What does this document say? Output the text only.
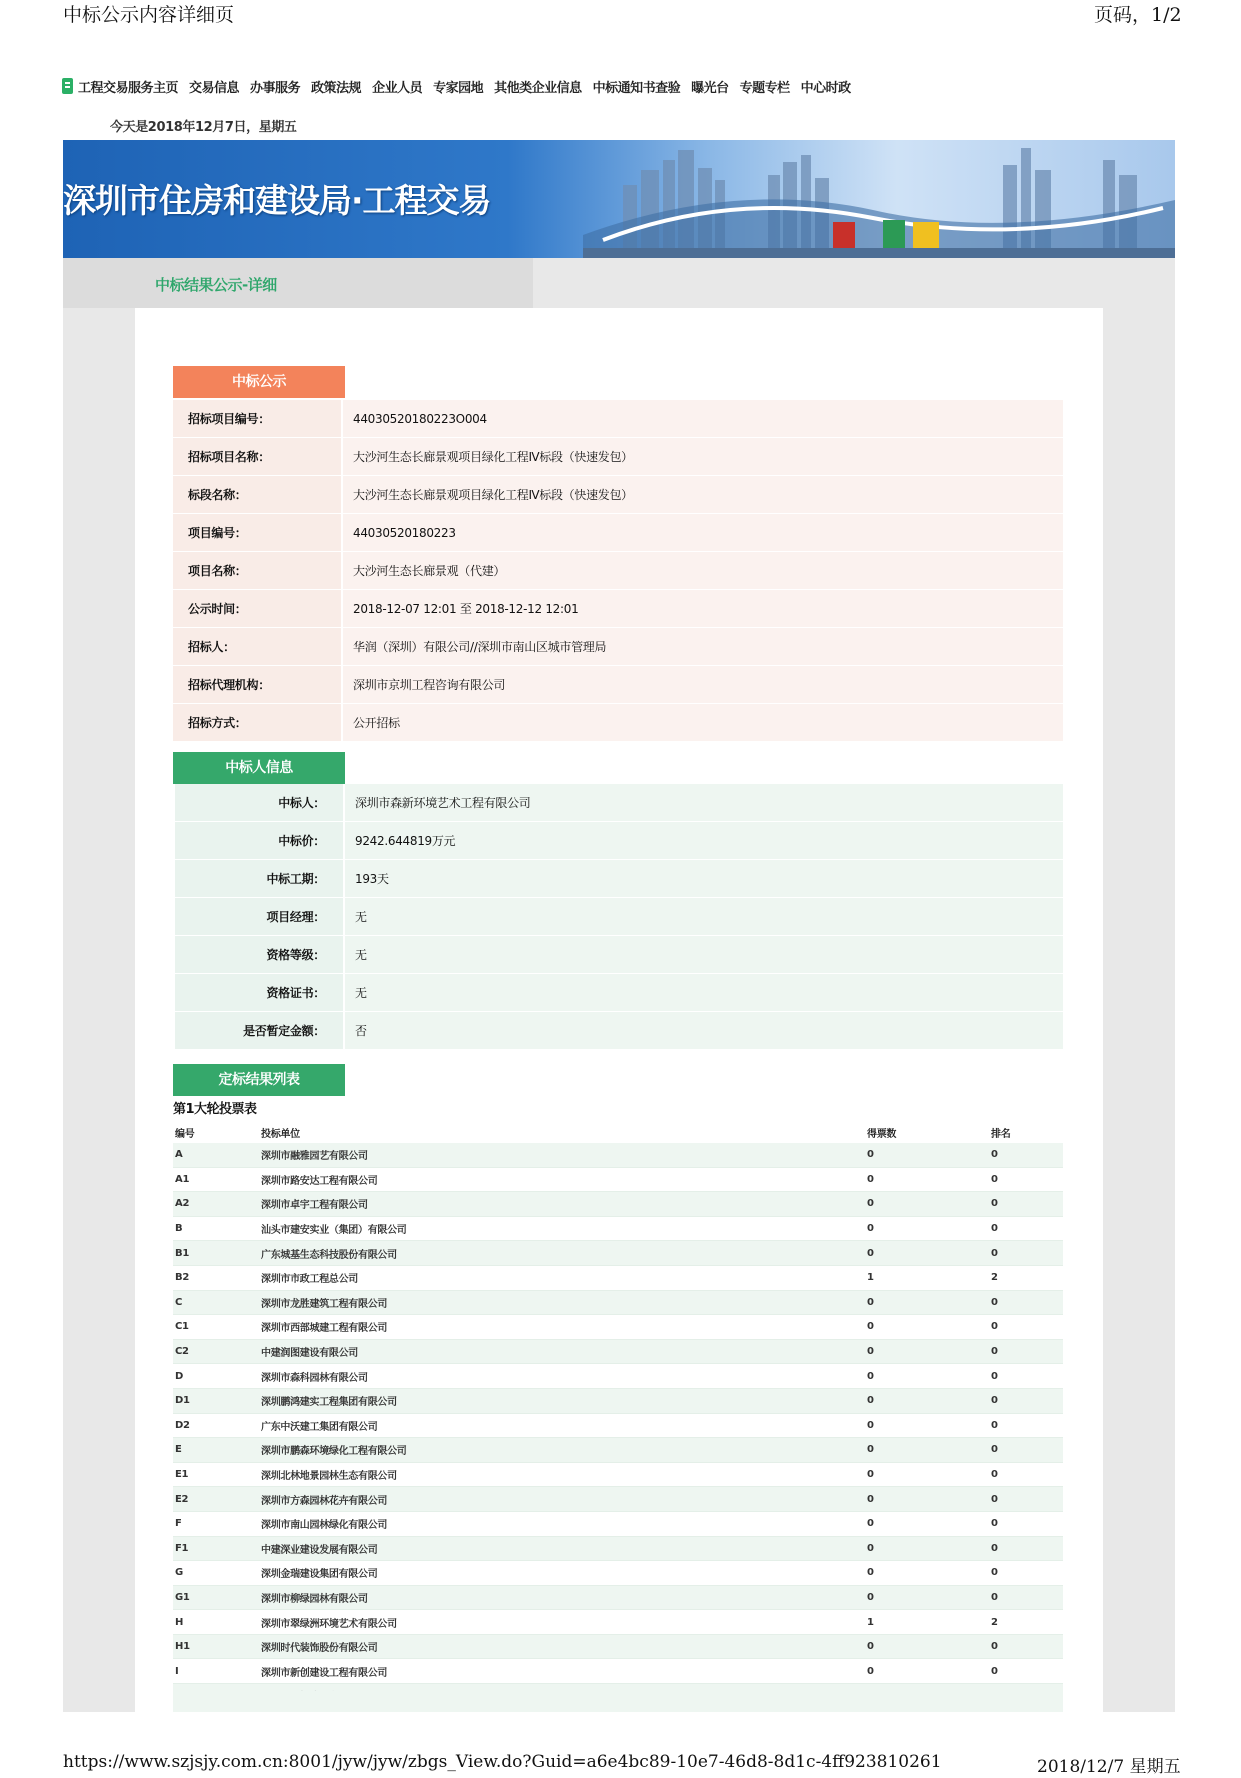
中标公示内容详细页	页码，1/2
工程交易服务主页 交易信息 办事服务 政策法规 企业人员 专家园地 其他类企业信息 中标通知书查验 曝光台 专题专栏 中心时政
今天是2018年12月7日，星期五
深圳市住房和建设局·工程交易
中标结果公示-详细
中标公示
招标项目编号：	44030520180223O004
招标项目名称：	大沙河生态长廊景观项目绿化工程Ⅳ标段（快速发包）
标段名称：	大沙河生态长廊景观项目绿化工程Ⅳ标段（快速发包）
项目编号：	44030520180223
项目名称：	大沙河生态长廊景观（代建）
公示时间：	2018-12-07 12:01 至 2018-12-12 12:01
招标人：	华润（深圳）有限公司//深圳市南山区城市管理局
招标代理机构：	深圳市京圳工程咨询有限公司
招标方式：	公开招标
中标人信息
中标人：	深圳市森新环境艺术工程有限公司
中标价：	9242.644819万元
中标工期：	193天
项目经理：	无
资格等级：	无
资格证书：	无
是否暂定金额：	否
定标结果列表
第1大轮投票表
编号	投标单位	得票数	排名
A	深圳市融雅园艺有限公司	0	0
A1	深圳市路安达工程有限公司	0	0
A2	深圳市卓宇工程有限公司	0	0
B	汕头市建安实业（集团）有限公司	0	0
B1	广东城基生态科技股份有限公司	0	0
B2	深圳市市政工程总公司	1	2
C	深圳市龙胜建筑工程有限公司	0	0
C1	深圳市西部城建工程有限公司	0	0
C2	中建润图建设有限公司	0	0
D	深圳市森科园林有限公司	0	0
D1	深圳鹏鸿建实工程集团有限公司	0	0
D2	广东中沃建工集团有限公司	0	0
E	深圳市鹏森环境绿化工程有限公司	0	0
E1	深圳北林地景园林生态有限公司	0	0
E2	深圳市方森园林花卉有限公司	0	0
F	深圳市南山园林绿化有限公司	0	0
F1	中建深业建设发展有限公司	0	0
G	深圳金瑞建设集团有限公司	0	0
G1	深圳市柳绿园林有限公司	0	0
H	深圳市翠绿洲环境艺术有限公司	1	2
H1	深圳时代装饰股份有限公司	0	0
I	深圳市新创建设工程有限公司	0	0

https://www.szjsjy.com.cn:8001/jyw/jyw/zbgs_View.do?Guid=a6e4bc89-10e7-46d8-8d1c-4ff923810261	2018/12/7 星期五
